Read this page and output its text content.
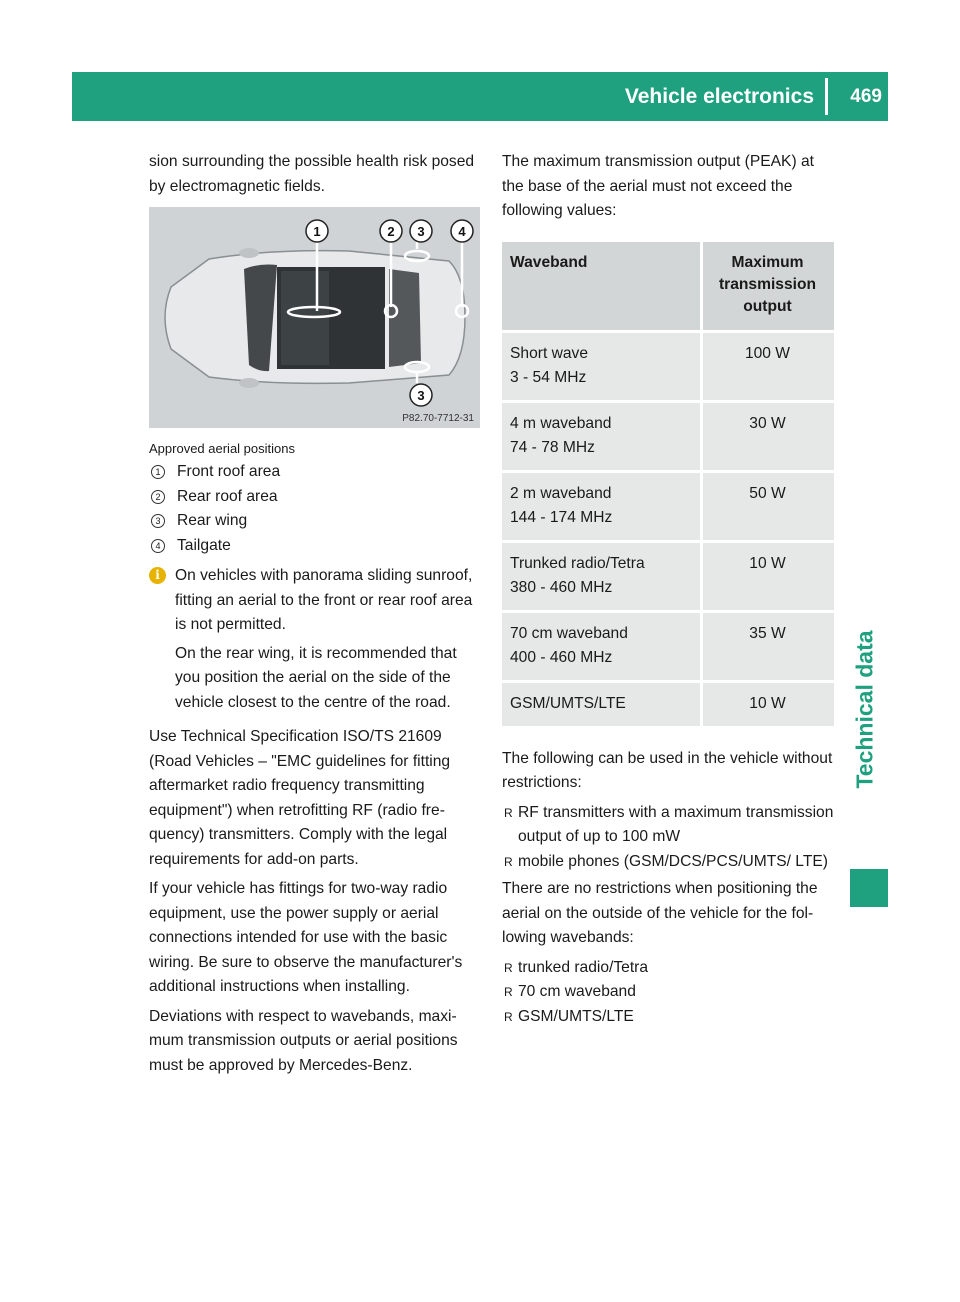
Vehicle electronics 469
Technical data

sion surrounding the possible health risk posed by electromagnetic fields.

1	2 3	4
3
P82.70-7712-31
Approved aerial positions
1 Front roof area
2 Rear roof area
3 Rear wing
4 Tailgate
i On vehicles with panorama sliding sunroof, fitting an aerial to the front or rear roof area is not permitted.

On the rear wing, it is recommended that you position the aerial on the side of the vehicle closest to the centre of the road.

Use Technical Specification ISO/TS 21609 (Road Vehicles – "EMC guidelines for fitting aftermarket radio frequency transmitting equipment") when retrofitting RF (radio frequency) transmitters. Comply with the legal requirements for add-on parts.

If your vehicle has fittings for two-way radio equipment, use the power supply or aerial connections intended for use with the basic wiring. Be sure to observe the manufacturer's additional instructions when installing.

Deviations with respect to wavebands, maximum transmission outputs or aerial positions must be approved by Mercedes-Benz.

The maximum transmission output (PEAK) at the base of the aerial must not exceed the following values:

Waveband	Maximum transmission output

Short wave
3 - 54 MHz	100 W

4 m waveband
74 - 78 MHz	30 W

2 m waveband
144 - 174 MHz	50 W

Trunked radio/Tetra
380 - 460 MHz	10 W

70 cm waveband
400 - 460 MHz	35 W

GSM/UMTS/LTE	10 W

The following can be used in the vehicle without restrictions:

R RF transmitters with a maximum transmission output of up to 100 mW
R mobile phones (GSM/DCS/PCS/UMTS/ LTE)

There are no restrictions when positioning the aerial on the outside of the vehicle for the following wavebands:

R trunked radio/Tetra
R 70 cm waveband
R GSM/UMTS/LTE
